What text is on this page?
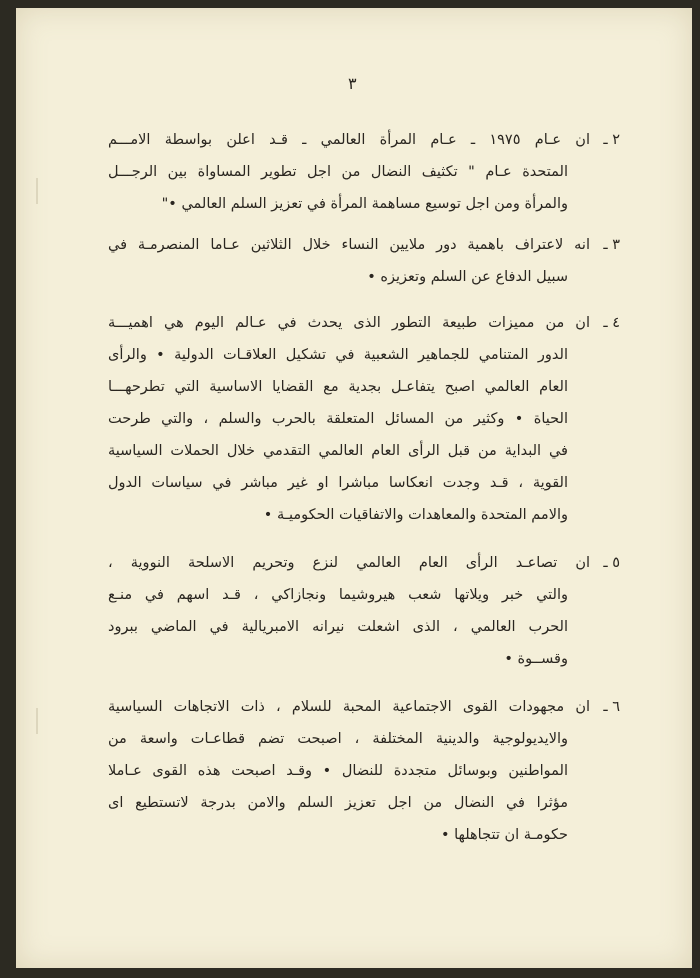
٣
٢ ـ
ان عـام ١٩٧٥ ـ عـام المرأة العالمي ـ قـد اعلن بواسطة الامـــم
المتحدة عـام " تكثيف النضال من اجل تطوير المساواة بين الرجـــل
والمرأة ومن اجل توسيع مساهمة المرأة في تعزيز السلم العالمي •"
٣ ـ
انه لاعتراف باهمية دور ملايين النساء خلال الثلاثين عـاما المنصرمـة في
سبيل الدفاع عن السلم وتعزيزه •
٤ ـ
ان من مميزات طبيعة التطور الذى يحدث في عـالم اليوم هي اهميـــة
الدور المتنامي للجماهير الشعبية في تشكيل العلاقـات الدولية • والرأى
العام العالمي اصبح يتفاعـل بجدية مع القضايا الاساسية التي تطرحهـــا
الحياة • وكثير من المسائل المتعلقة بالحرب والسلم ، والتي طرحت
في البداية من قبل الرأى العام العالمي التقدمي خلال الحملات السياسية
القوية ، قـد وجدت انعكاسا مباشرا او غير مباشر في سياسات الدول
والامم المتحدة والمعاهدات والاتفاقيات الحكوميـة •
٥ ـ
ان تصاعـد الرأى العام العالمي لنزع وتحريم الاسلحة النووية ،
والتي خبر ويلاتها شعب هيروشيما ونجازاكي ، قـد اسهم في منـع
الحرب العالمي ، الذى اشعلت نيرانه الامبريالية في الماضي ببرود
وقســوة •
٦ ـ
ان مجهودات القوى الاجتماعية المحبة للسلام ، ذات الاتجاهات السياسية
والايديولوجية والدينية المختلفة ، اصبحت تضم قطاعـات واسعة من
المواطنين وبوسائل متجددة للنضال • وقـد اصبحت هذه القوى عـاملا
مؤثرا في النضال من اجل تعزيز السلم والامن بدرجة لاتستطيع اى
حكومـة ان تتجاهلها •
